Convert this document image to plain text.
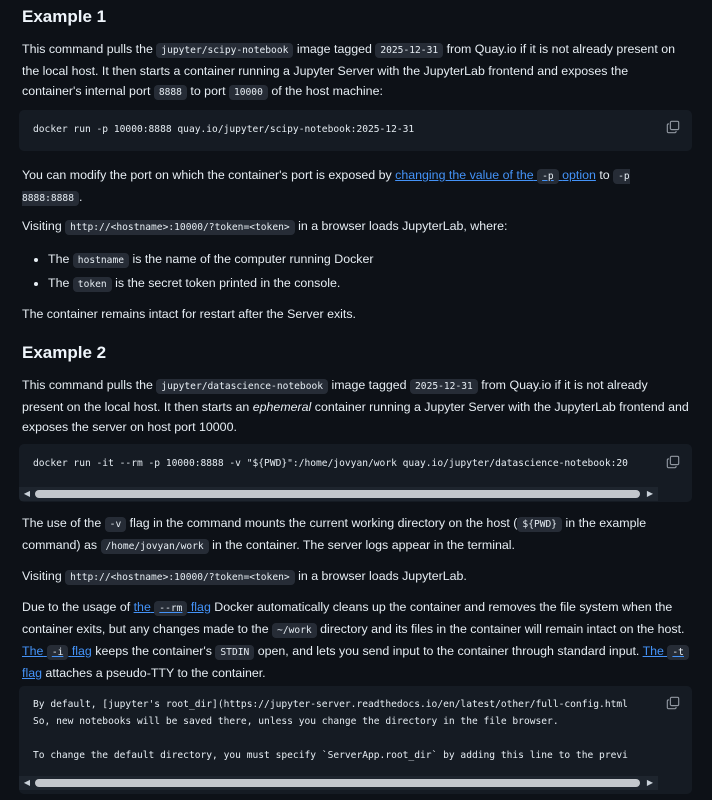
Example 1

This command pulls the jupyter/scipy-notebook image tagged 2025-12-31 from Quay.io if it is not already present on the local host. It then starts a container running a Jupyter Server with the JupyterLab frontend and exposes the container's internal port 8888 to port 10000 of the host machine:

docker run -p 10000:8888 quay.io/jupyter/scipy-notebook:2025-12-31

You can modify the port on which the container's port is exposed by changing the value of the -p option to -p 8888:8888 .

Visiting http://<hostname>:10000/?token=<token> in a browser loads JupyterLab, where:

• The hostname is the name of the computer running Docker
• The token is the secret token printed in the console.

The container remains intact for restart after the Server exits.

Example 2

This command pulls the jupyter/datascience-notebook image tagged 2025-12-31 from Quay.io if it is not already present on the local host. It then starts an ephemeral container running a Jupyter Server with the JupyterLab frontend and exposes the server on host port 10000.

docker run -it --rm -p 10000:8888 -v "${PWD}":/home/jovyan/work quay.io/jupyter/datascience-notebook:20
◀	▶

The use of the -v flag in the command mounts the current working directory on the host ( ${PWD} in the example command) as /home/jovyan/work in the container. The server logs appear in the terminal.

Visiting http://<hostname>:10000/?token=<token> in a browser loads JupyterLab.

Due to the usage of the --rm flag Docker automatically cleans up the container and removes the file system when the container exits, but any changes made to the ~/work directory and its files in the container will remain intact on the host. The -i flag keeps the container's STDIN open, and lets you send input to the container through standard input. The -t flag attaches a pseudo-TTY to the container.

By default, [jupyter's root_dir](https://jupyter-server.readthedocs.io/en/latest/other/full-config.html
So, new notebooks will be saved there, unless you change the directory in the file browser.

To change the default directory, you must specify `ServerApp.root_dir` by adding this line to the previ
◀	▶
